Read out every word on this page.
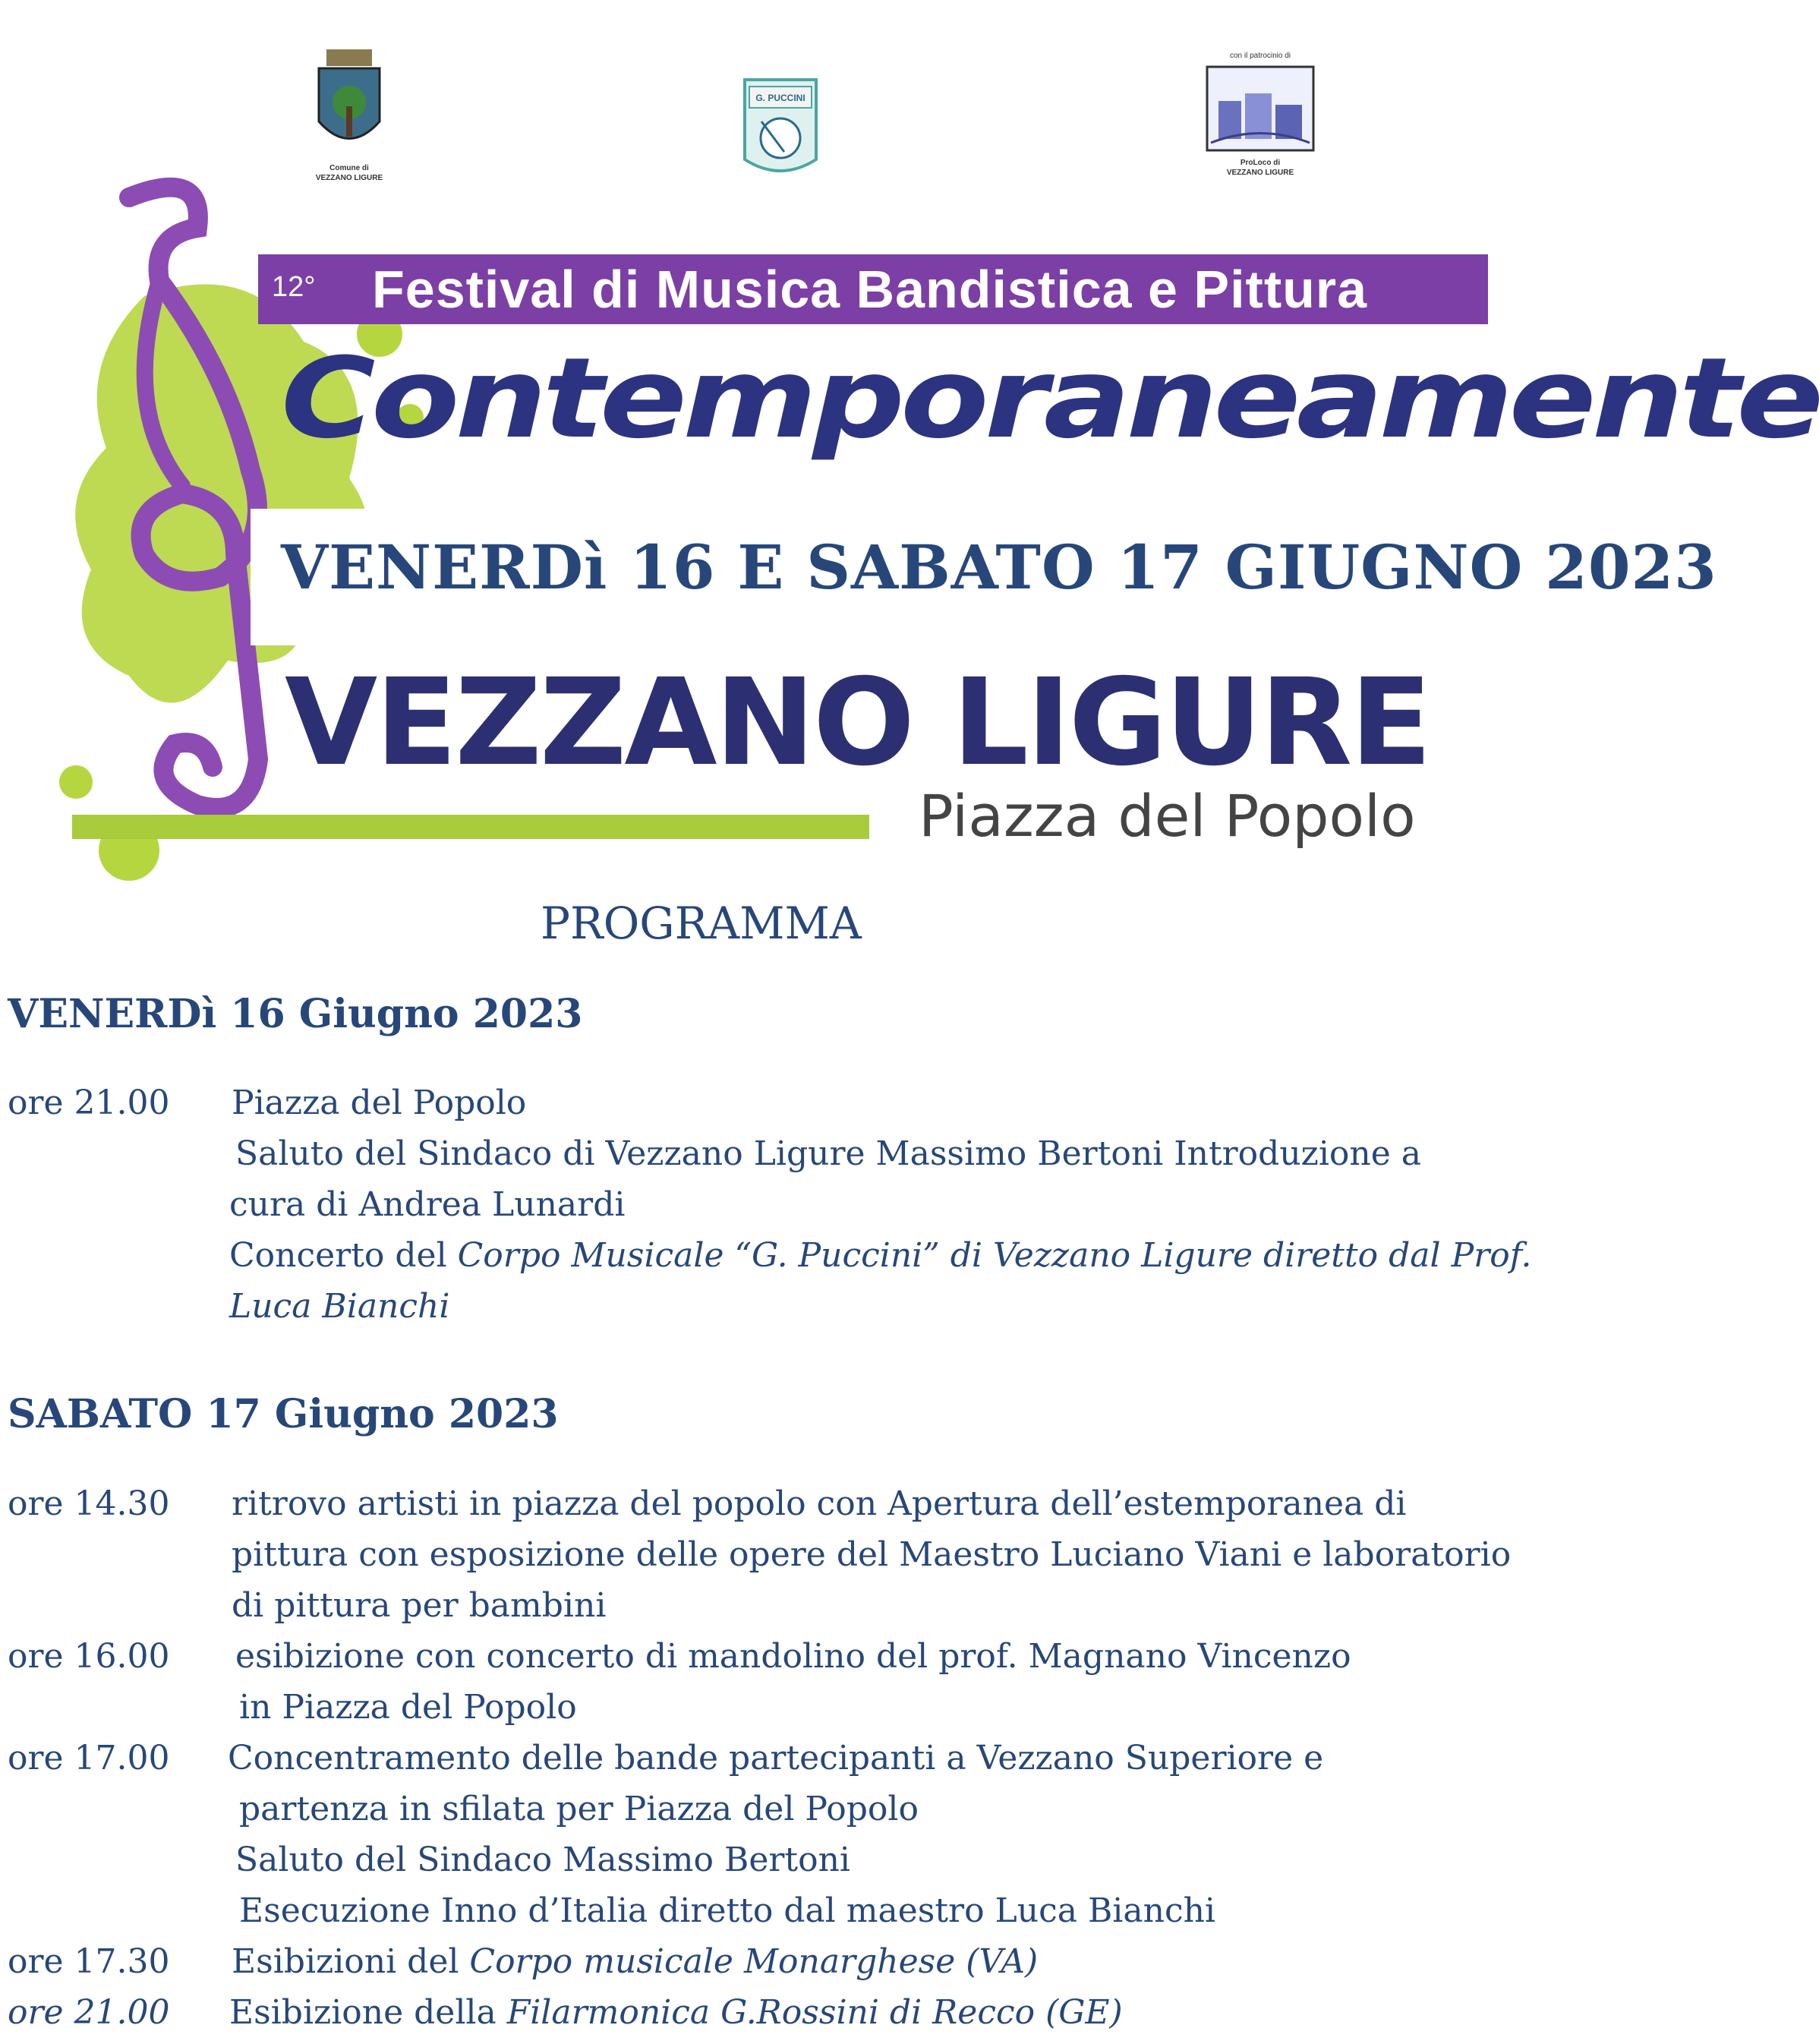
Comune di
VEZZANO LIGURE
G. PUCCINI
con il patrocinio di
ProLoco di
VEZZANO LIGURE
12° Festival di Musica Bandistica e Pittura
Contemporaneamente
VENERDì 16 E SABATO 17 GIUGNO 2023
VEZZANO LIGURE
Piazza del Popolo
PROGRAMMA
VENERDì 16 Giugno 2023
ore 21.00 Piazza del Popolo
Saluto del Sindaco di Vezzano Ligure Massimo Bertoni Introduzione a
cura di Andrea Lunardi
Concerto del Corpo Musicale “G. Puccini” di Vezzano Ligure diretto dal Prof.
Luca Bianchi
SABATO 17 Giugno 2023
ore 14.30 ritrovo artisti in piazza del popolo con Apertura dell’estemporanea di
pittura con esposizione delle opere del Maestro Luciano Viani e laboratorio
di pittura per bambini
ore 16.00 esibizione con concerto di mandolino del prof. Magnano Vincenzo
in Piazza del Popolo
ore 17.00 Concentramento delle bande partecipanti a Vezzano Superiore e
partenza in sfilata per Piazza del Popolo
Saluto del Sindaco Massimo Bertoni
Esecuzione Inno d’Italia diretto dal maestro Luca Bianchi
ore 17.30 Esibizioni del Corpo musicale Monarghese (VA)
ore 21.00 Esibizione della Filarmonica G.Rossini di Recco (GE)
